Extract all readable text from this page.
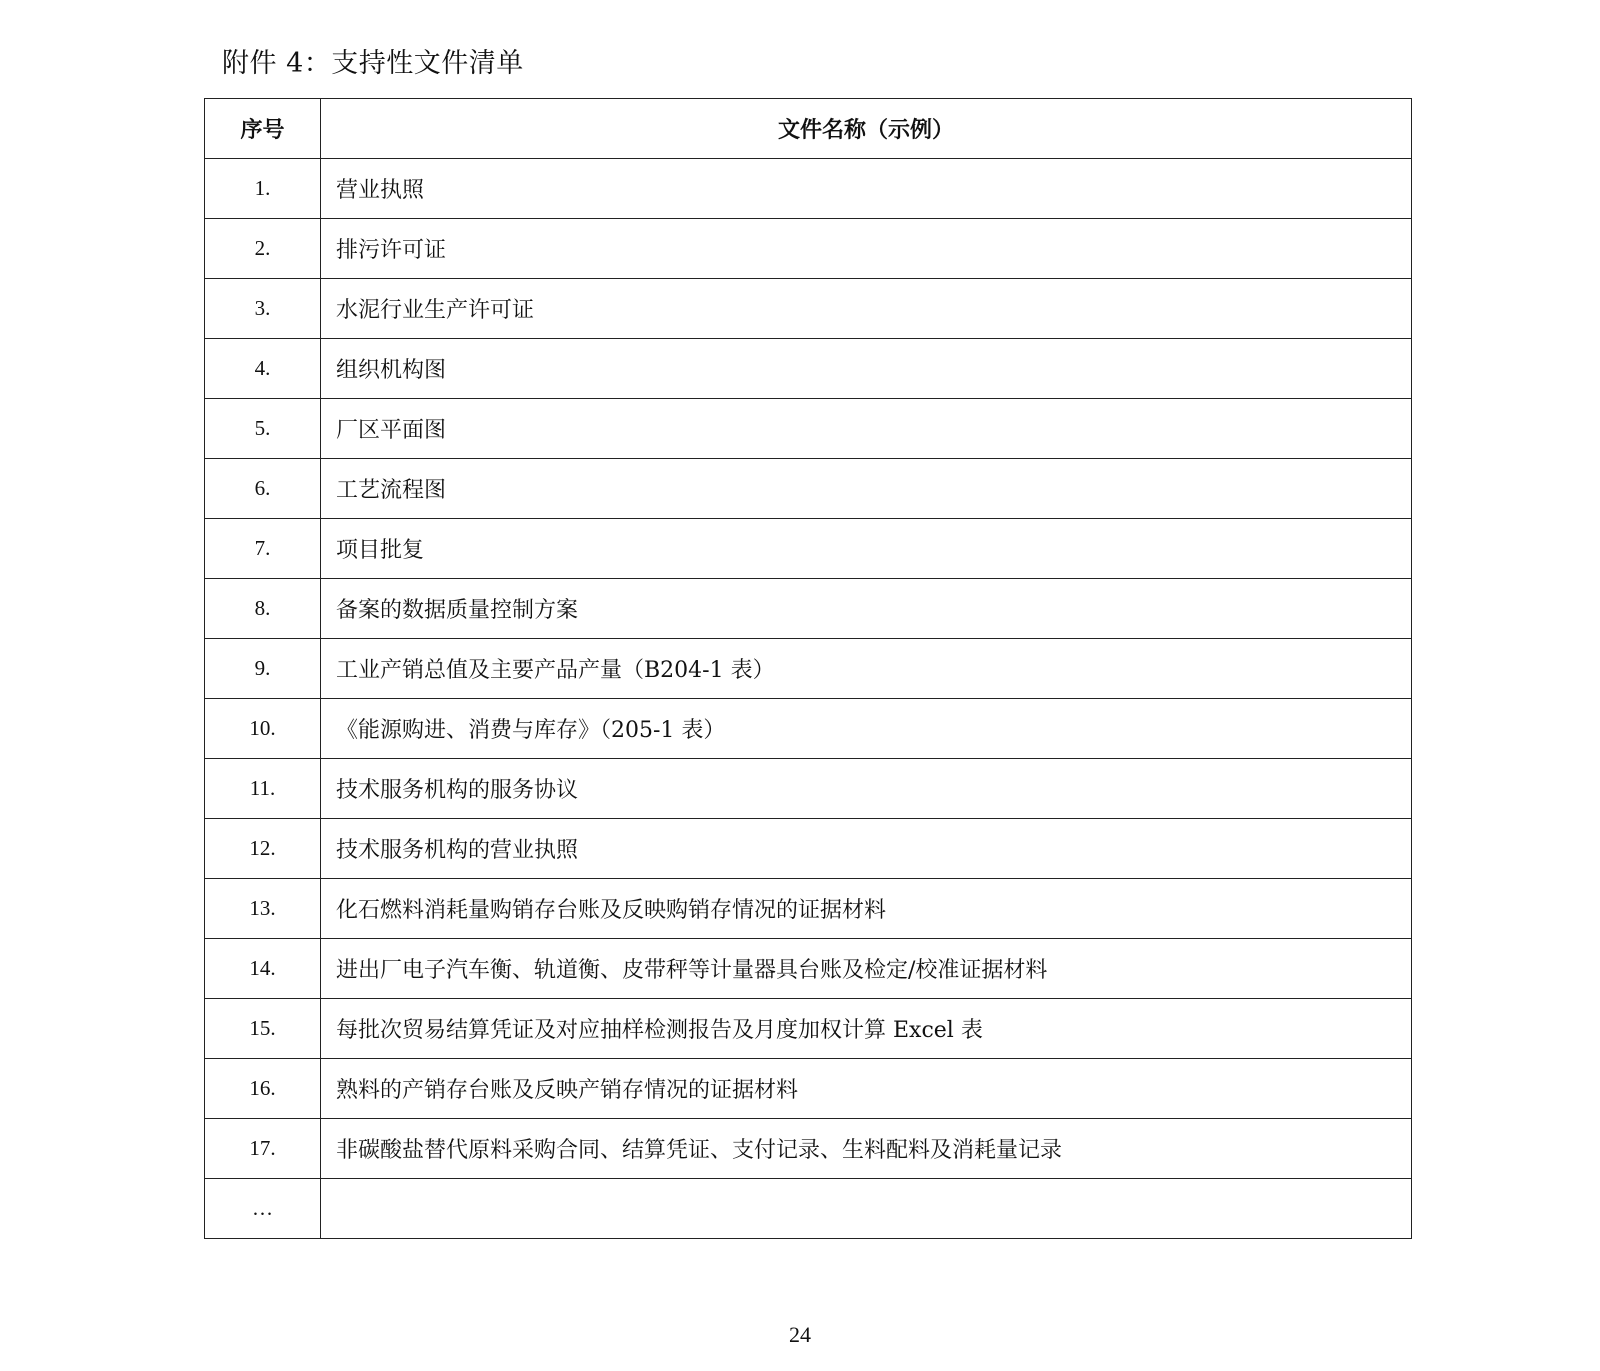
附件 4：支持性文件清单
序号	文件名称（示例）
1.	营业执照
2.	排污许可证
3.	水泥行业生产许可证
4.	组织机构图
5.	厂区平面图
6.	工艺流程图
7.	项目批复
8.	备案的数据质量控制方案
9.	工业产销总值及主要产品产量（B204-1 表）
10.	《能源购进、消费与库存》（205-1 表）
11.	技术服务机构的服务协议
12.	技术服务机构的营业执照
13.	化石燃料消耗量购销存台账及反映购销存情况的证据材料
14.	进出厂电子汽车衡、轨道衡、皮带秤等计量器具台账及检定/校准证据材料
15.	每批次贸易结算凭证及对应抽样检测报告及月度加权计算 Excel 表
16.	熟料的产销存台账及反映产销存情况的证据材料
17.	非碳酸盐替代原料采购合同、结算凭证、支付记录、生料配料及消耗量记录
…	
24
